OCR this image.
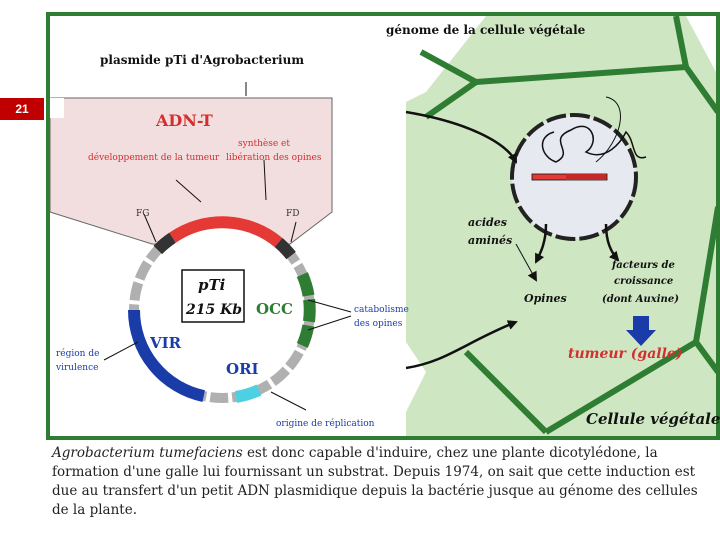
21
plasmide pTi d'Agrobacterium
génome de la cellule végétale
ADN-T
développement de la tumeur
synthèse et
libération des opines
FG	FD
pTi
215 Kb OCC
VIR
ORI
catabolisme
des opines
région de
virulence
origine de réplication
acides
aminés
facteurs de
croissance
(dont Auxine)
Opines
tumeur (galle)
Cellule végétale
Agrobacterium tumefaciens est donc capable d'induire, chez une plante dicotylédone, la formation d'une galle lui fournissant un substrat. Depuis 1974, on sait que cette induction est due au transfert d'un petit ADN plasmidique depuis la bactérie jusque au génome des cellules de la plante.
